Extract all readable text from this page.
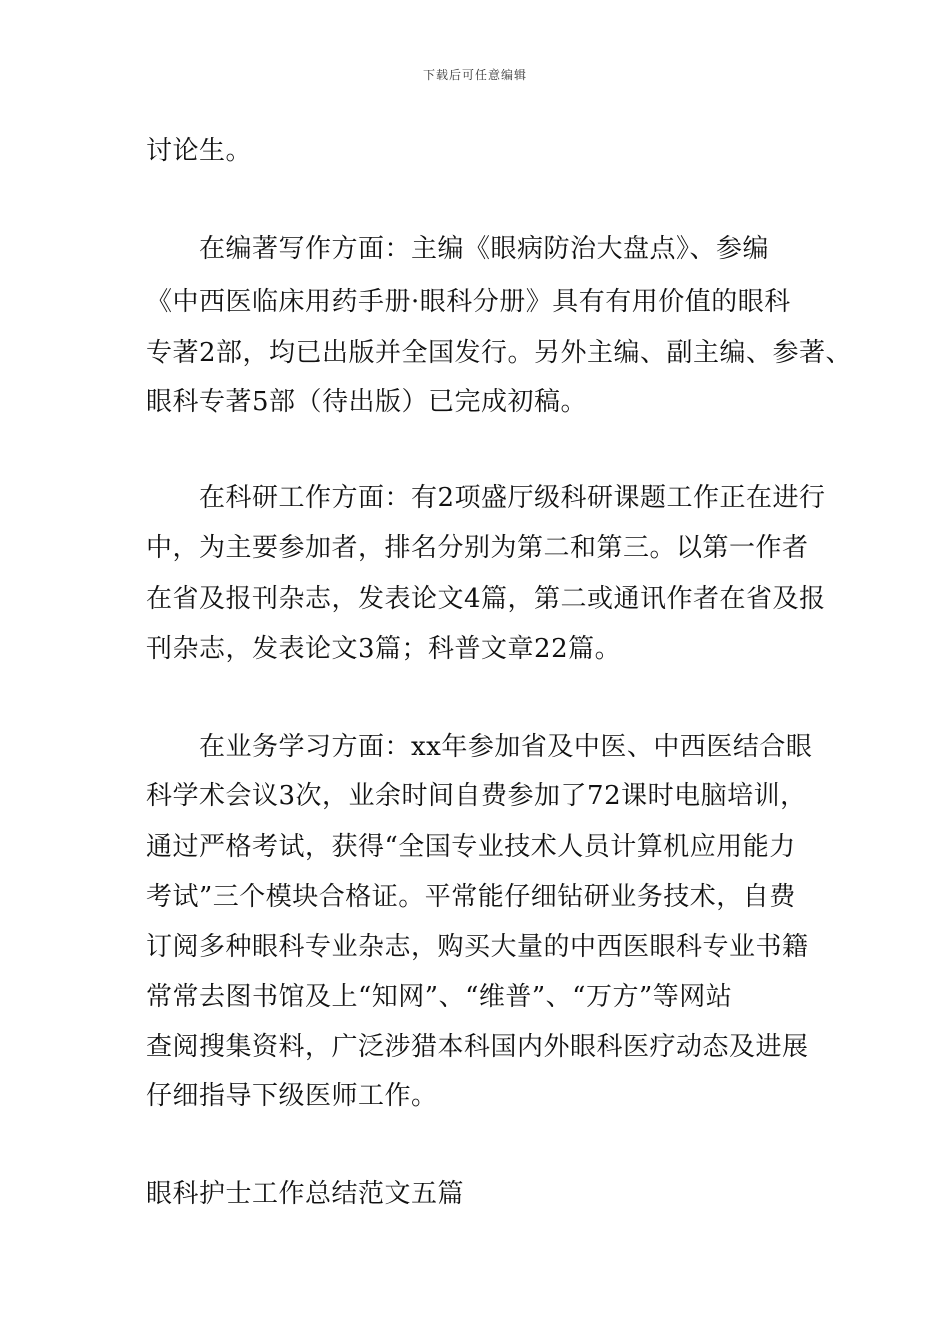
下载后可任意编辑
讨论生。
在编著写作方面：主编《眼病防治大盘点》、参编
《中西医临床用药手册·眼科分册》具有有用价值的眼科
专著2部，均已出版并全国发行。另外主编、副主编、参著、
眼科专著5部（待出版）已完成初稿。
在科研工作方面：有2项盛厅级科研课题工作正在进行
中，为主要参加者，排名分别为第二和第三。以第一作者
在省及报刊杂志，发表论文4篇，第二或通讯作者在省及报
刊杂志，发表论文3篇；科普文章22篇。
在业务学习方面：xx年参加省及中医、中西医结合眼
科学术会议3次，业余时间自费参加了72课时电脑培训，
通过严格考试，获得“全国专业技术人员计算机应用能力
考试”三个模块合格证。平常能仔细钻研业务技术，自费
订阅多种眼科专业杂志，购买大量的中西医眼科专业书籍
常常去图书馆及上“知网”、“维普”、“万方”等网站
查阅搜集资料，广泛涉猎本科国内外眼科医疗动态及进展
仔细指导下级医师工作。
眼科护士工作总结范文五篇
